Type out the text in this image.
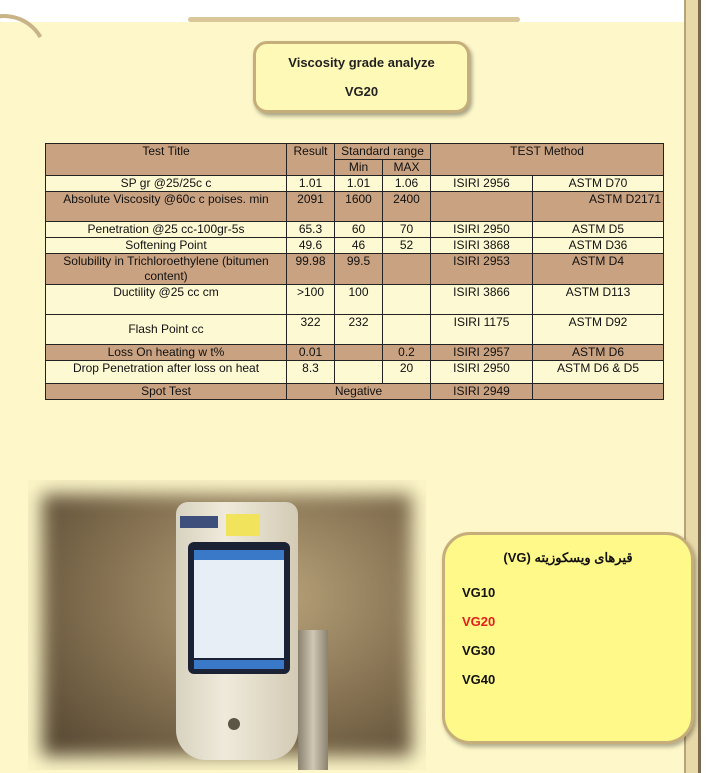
Viscosity grade analyze
VG20
Test Title	Result	Standard range		TEST Method	
		Min	MAX		
SP gr @25/25c c	1.01	1.01	1.06	ISIRI 2956	ASTM D70
Absolute Viscosity @60c c poises. min	2091	1600	2400		ASTM D2171
Penetration @25 cc-100gr-5s	65.3	60	70	ISIRI 2950	ASTM D5
Softening Point	49.6	46	52	ISIRI 3868	ASTM D36
Solubility in Trichloroethylene (bitumen content)	99.98	99.5		ISIRI 2953	ASTM D4
Ductility @25 cc cm	>100	100		ISIRI 3866	ASTM D113
Flash Point cc	322	232		ISIRI 1175	ASTM D92
Loss On heating w t%	0.01		0.2	ISIRI 2957	ASTM D6
Drop Penetration after loss on heat	8.3		20	ISIRI 2950	ASTM D6 & D5
Spot Test	Negative			ISIRI 2949	
قیرهای ویسکوزیته (VG)
VG10
VG20
VG30
VG40
